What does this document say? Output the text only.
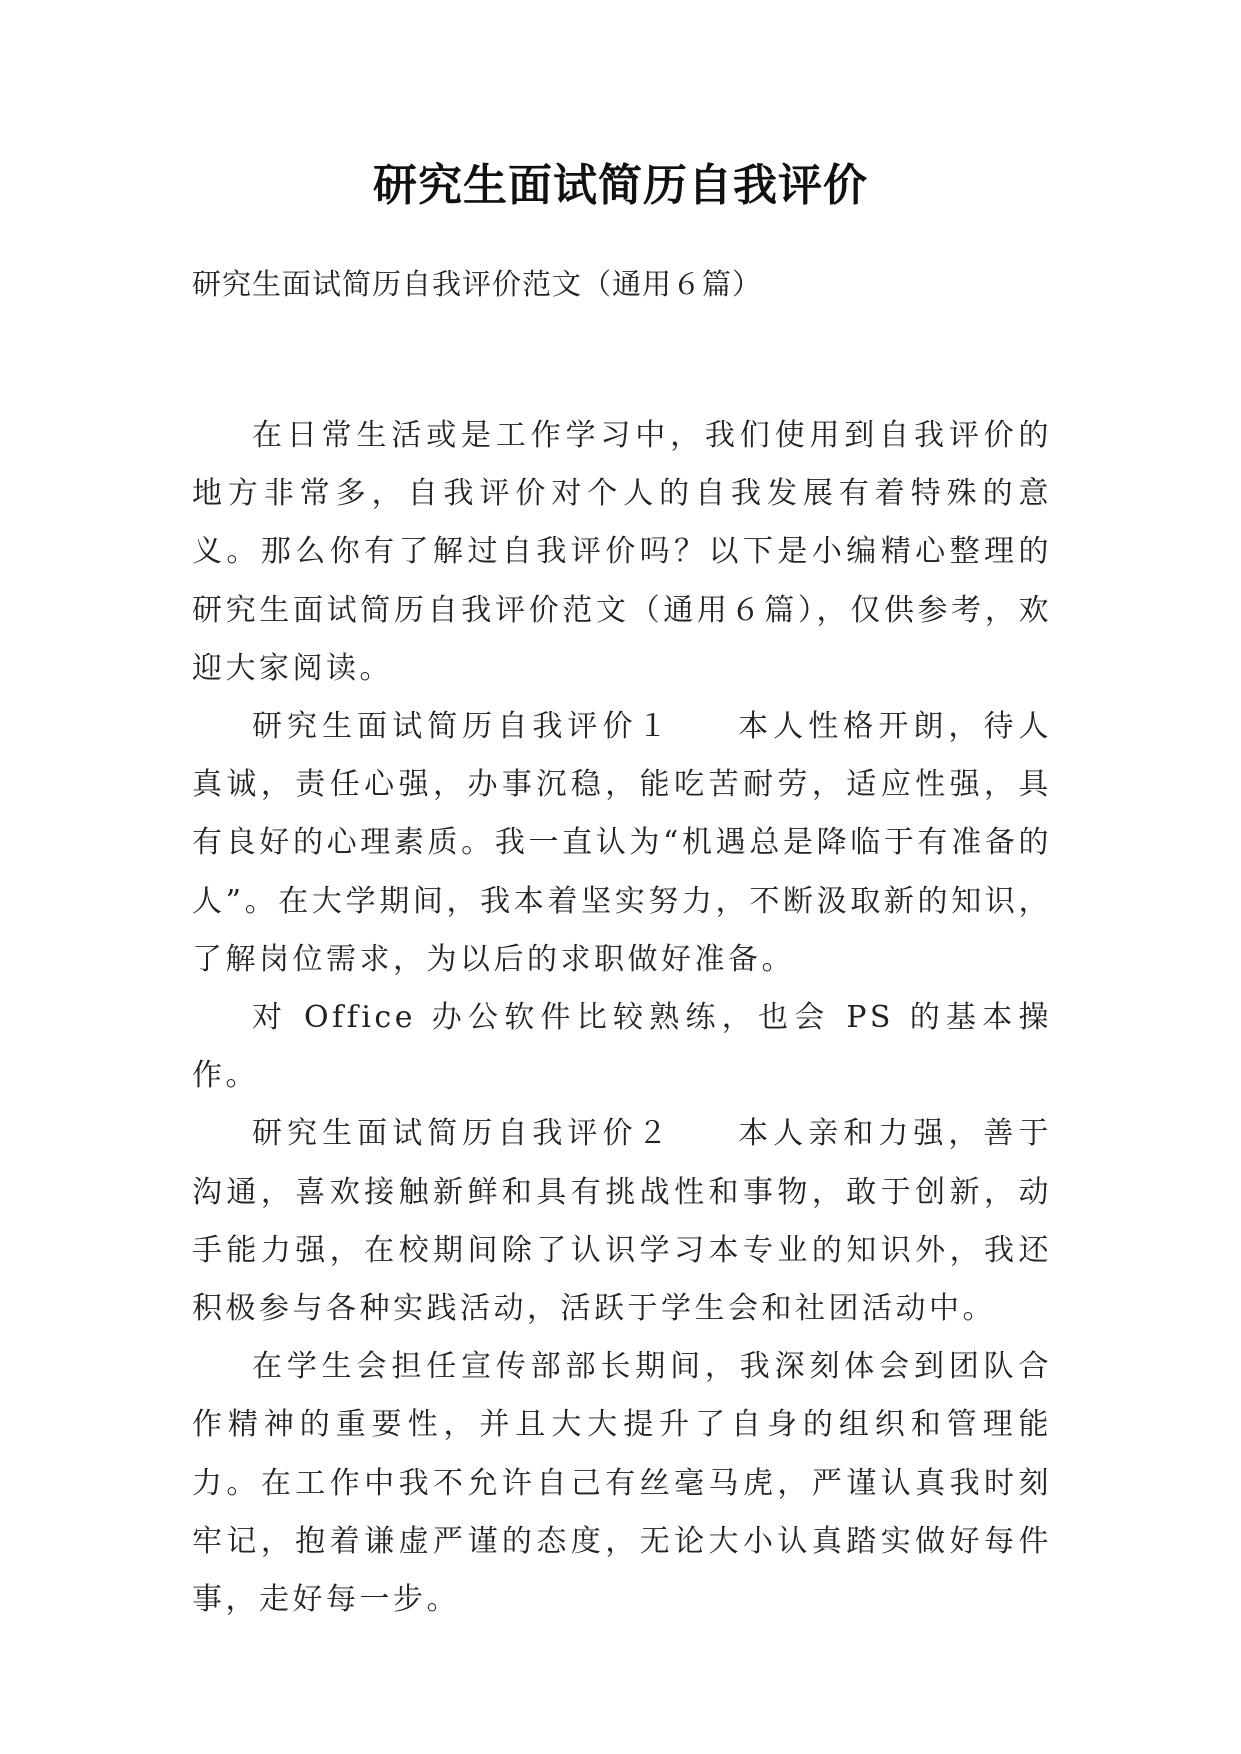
研究生面试简历自我评价

研究生面试简历自我评价范文（通用６篇）

在日常生活或是工作学习中，我们使用到自我评价的地方非常多，自我评价对个人的自我发展有着特殊的意义。那么你有了解过自我评价吗？以下是小编精心整理的研究生面试简历自我评价范文（通用６篇），仅供参考，欢迎大家阅读。

研究生面试简历自我评价１ 本人性格开朗，待人真诚，责任心强，办事沉稳，能吃苦耐劳，适应性强，具有良好的心理素质。我一直认为“机遇总是降临于有准备的人”。在大学期间，我本着坚实努力，不断汲取新的知识，了解岗位需求，为以后的求职做好准备。

对 Office 办公软件比较熟练，也会 PS 的基本操作。

研究生面试简历自我评价２ 本人亲和力强，善于沟通，喜欢接触新鲜和具有挑战性和事物，敢于创新，动手能力强，在校期间除了认识学习本专业的知识外，我还积极参与各种实践活动，活跃于学生会和社团活动中。

在学生会担任宣传部部长期间，我深刻体会到团队合作精神的重要性，并且大大提升了自身的组织和管理能力。在工作中我不允许自己有丝毫马虎，严谨认真我时刻牢记，抱着谦虚严谨的态度，无论大小认真踏实做好每件事，走好每一步。
